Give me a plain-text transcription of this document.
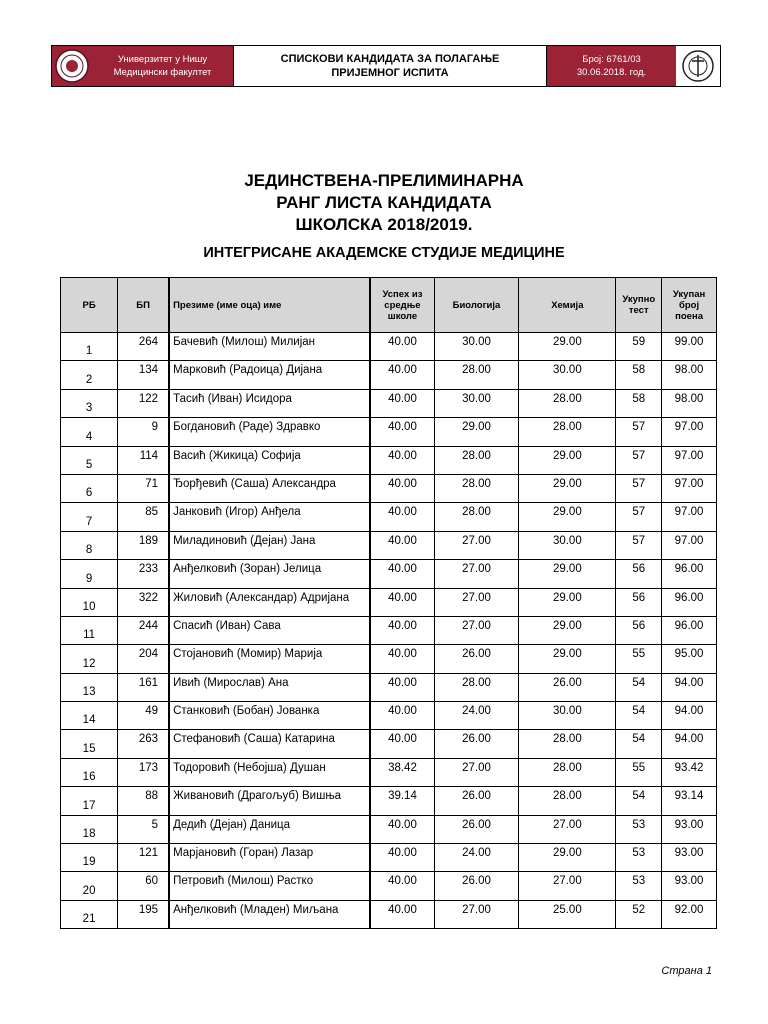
Универзитет у Нишу
Медицински факултет
СПИСКОВИ КАНДИДАТА ЗА ПОЛАГАЊЕ
ПРИЈЕМНОГ ИСПИТА
Број: 6761/03
30.06.2018. год.
ЈЕДИНСТВЕНА-ПРЕЛИМИНАРНА
РАНГ ЛИСТА КАНДИДАТА
ШКОЛСКА 2018/2019.
ИНТЕГРИСАНЕ АКАДЕМСКЕ СТУДИЈЕ МЕДИЦИНЕ
РБ	БП	Презиме (име оца) име	Успех из средње школе	Биологија	Хемија	Укупно тест	Укупан број поена
1	264	Бачевић (Милош) Милијан	40.00	30.00	29.00	59	99.00
2	134	Марковић (Радоица) Дијана	40.00	28.00	30.00	58	98.00
3	122	Тасић (Иван) Исидора	40.00	30.00	28.00	58	98.00
4	9	Богдановић (Раде) Здравко	40.00	29.00	28.00	57	97.00
5	114	Васић (Жикица) Софија	40.00	28.00	29.00	57	97.00
6	71	Ђорђевић (Саша) Александра	40.00	28.00	29.00	57	97.00
7	85	Јанковић (Игор) Анђела	40.00	28.00	29.00	57	97.00
8	189	Миладиновић (Дејан) Јана	40.00	27.00	30.00	57	97.00
9	233	Анђелковић (Зоран) Јелица	40.00	27.00	29.00	56	96.00
10	322	Жиловић (Александар) Адријана	40.00	27.00	29.00	56	96.00
11	244	Спасић (Иван) Сава	40.00	27.00	29.00	56	96.00
12	204	Стојановић (Момир) Марија	40.00	26.00	29.00	55	95.00
13	161	Ивић (Мирослав) Ана	40.00	28.00	26.00	54	94.00
14	49	Станковић (Бобан) Јованка	40.00	24.00	30.00	54	94.00
15	263	Стефановић (Саша) Катарина	40.00	26.00	28.00	54	94.00
16	173	Тодоровић (Небојша) Душан	38.42	27.00	28.00	55	93.42
17	88	Живановић (Драгољуб) Вишња	39.14	26.00	28.00	54	93.14
18	5	Дедић (Дејан) Даница	40.00	26.00	27.00	53	93.00
19	121	Марјановић (Горан) Лазар	40.00	24.00	29.00	53	93.00
20	60	Петровић (Милош) Растко	40.00	26.00	27.00	53	93.00
21	195	Анђелковић (Младен) Миљана	40.00	27.00	25.00	52	92.00
Страна 1
